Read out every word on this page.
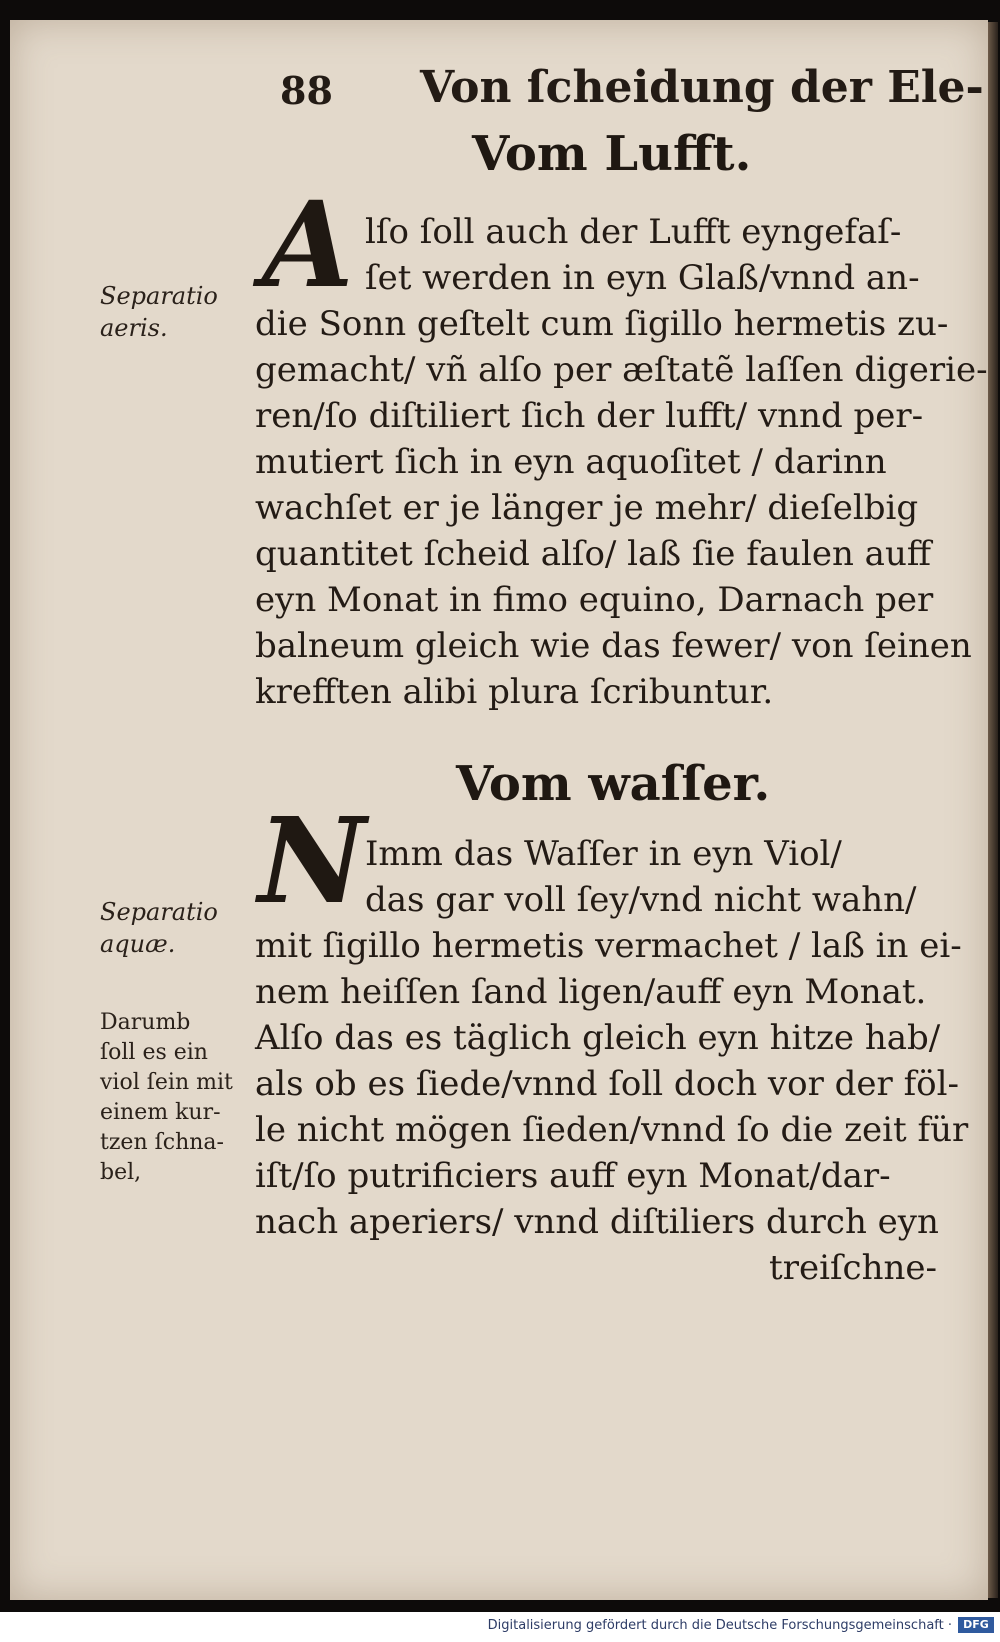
88 Von ſcheidung der Ele‑
Vom Lufft.
A
Separatio
aeris.
lſo ſoll auch der Lufft eyngefaſ‑
ſet werden in eyn Glaß/vnnd an‑
die Sonn geſtelt cum ſigillo hermetis zu‑
gemacht/ vñ alſo per æſtatẽ laſſen digerie‑
ren/ſo diſtiliert ſich der lufft/ vnnd per‑
mutiert ſich in eyn aquoſitet / darinn
wachſet er je länger je mehr/ dieſelbig
quantitet ſcheid alſo/ laß ſie faulen auff
eyn Monat in fimo equino, Darnach per
balneum gleich wie das fewer/ von ſeinen
krefften alibi plura ſcribuntur.
Vom waſſer.
N
Separatio
aquæ.
Darumb
ſoll es ein
viol ſein mit
einem kur‑
tzen ſchna‑
bel,
Imm das Waſſer in eyn Viol/
das gar voll ſey/vnd nicht wahn/
mit ſigillo hermetis vermachet / laß in ei‑
nem heiſſen ſand ligen/auff eyn Monat.
Alſo das es täglich gleich eyn hitze hab/
als ob es ſiede/vnnd ſoll doch vor der föl‑
le nicht mögen ſieden/vnnd ſo die zeit für
iſt/ſo putrificiers auff eyn Monat/dar‑
nach aperiers/ vnnd diſtiliers durch eyn
treiſchne‑
Digitalisierung gefördert durch die Deutsche Forschungsgemeinschaft ·	DFG
